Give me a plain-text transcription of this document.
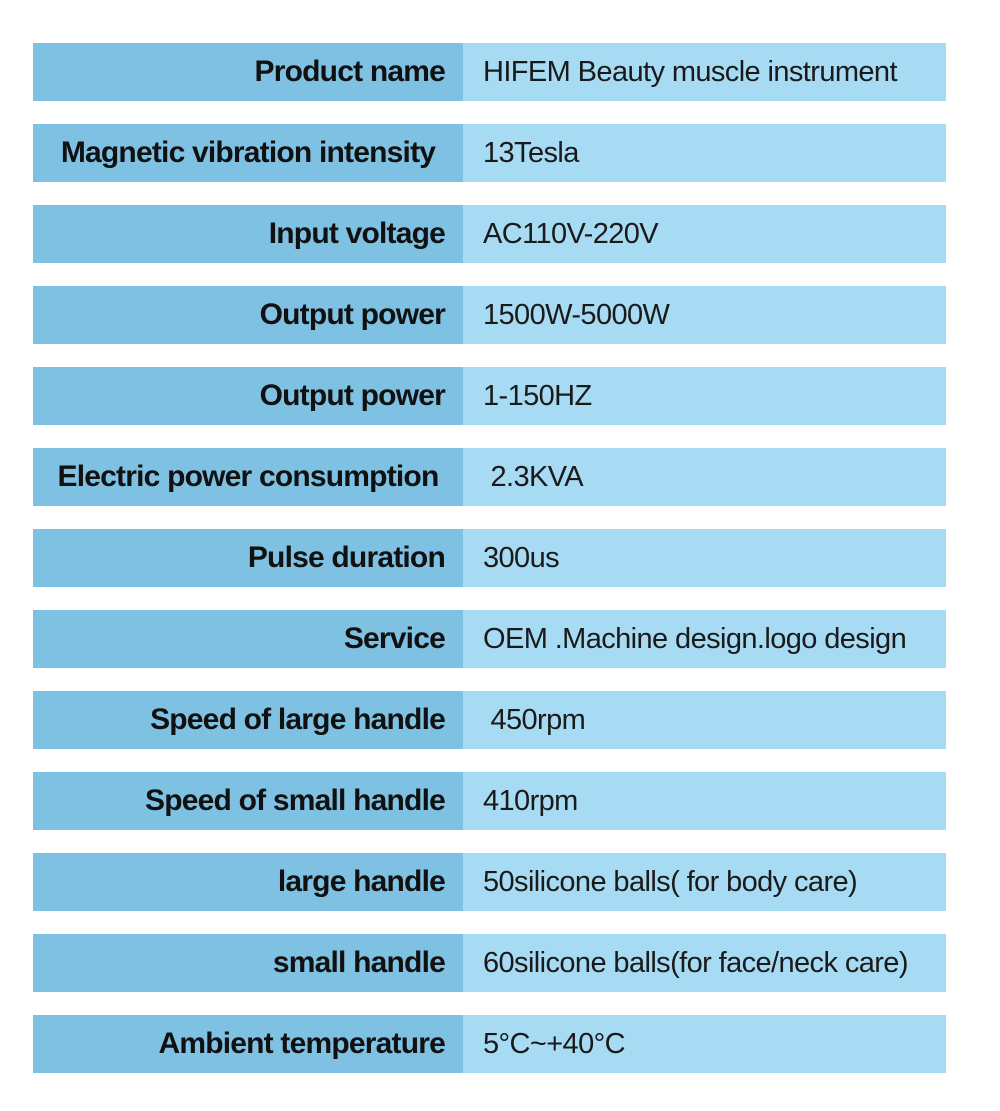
Product name	HIFEM Beauty muscle instrument
Magnetic vibration intensity	13Tesla
Input voltage	AC110V-220V
Output power	1500W-5000W
Output power	1-150HZ
Electric power consumption	2.3KVA
Pulse duration	300us
Service	OEM .Machine design.logo design
Speed of large handle	450rpm
Speed of small handle	410rpm
large handle	50silicone balls( for body care)
small handle	60silicone balls(for face/neck care)
Ambient temperature	5°C~+40°C
